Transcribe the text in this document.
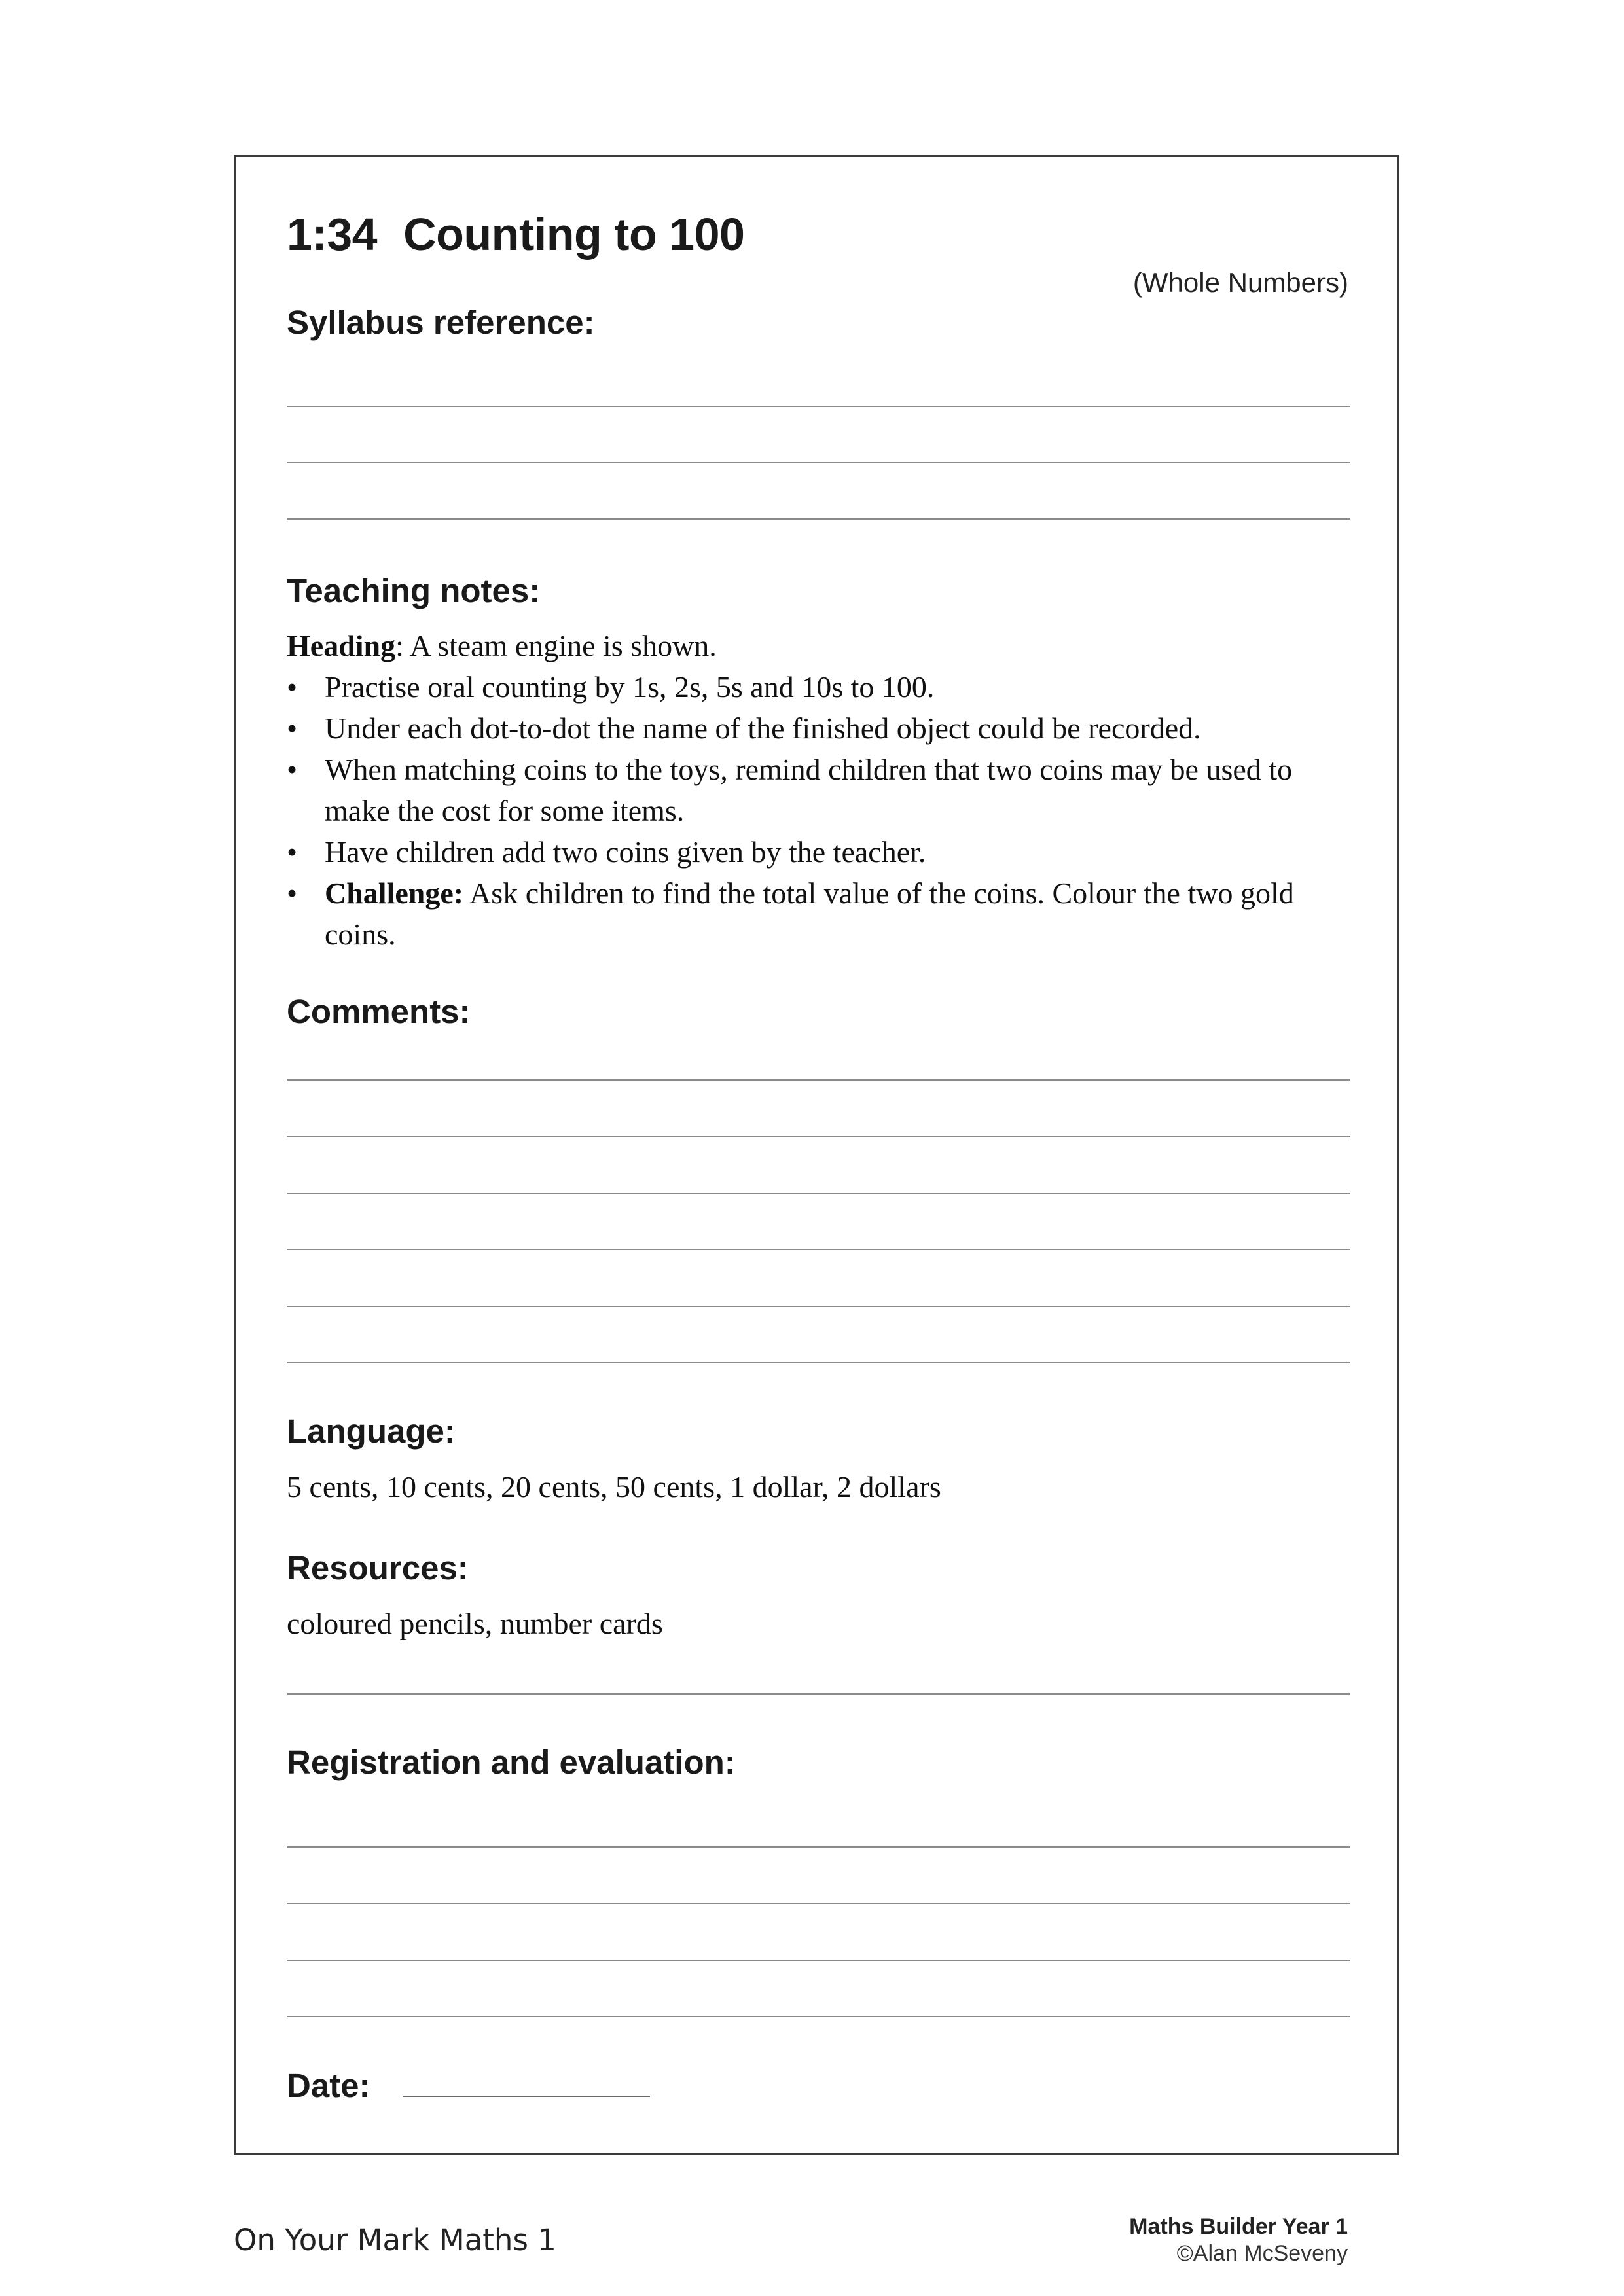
1:34 Counting to 100
(Whole Numbers)
Syllabus reference:
Teaching notes:

Heading: A steam engine is shown.

• Practise oral counting by 1s, 2s, 5s and 10s to 100.
• Under each dot-to-dot the name of the finished object could be recorded.
• When matching coins to the toys, remind children that two coins may be used to make the cost for some items.
• Have children add two coins given by the teacher.
• Challenge: Ask children to find the total value of the coins. Colour the two gold coins.
Comments:
Language:
5 cents, 10 cents, 20 cents, 50 cents, 1 dollar, 2 dollars
Resources:
coloured pencils, number cards
Registration and evaluation:
Date:
On Your Mark Maths 1	Maths Builder Year 1
©Alan McSeveny
